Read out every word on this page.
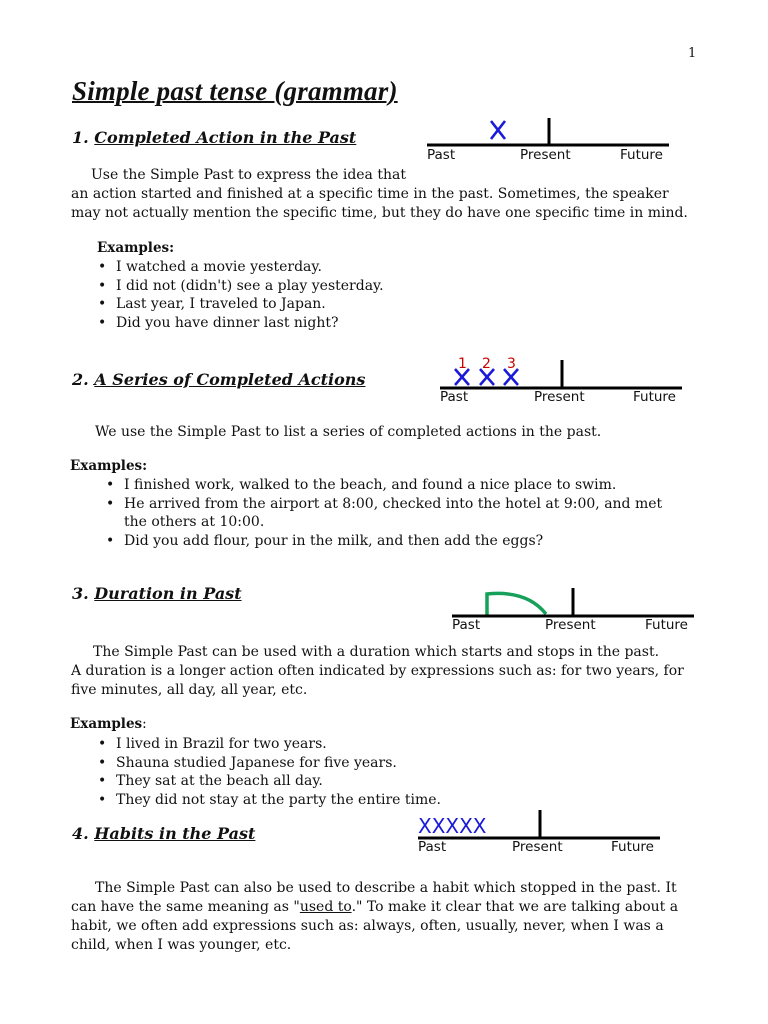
1
Simple past tense (grammar)
1. Completed Action in the Past
Past	Present	Future
Use the Simple Past to express the idea that
an action started and finished at a specific time in the past. Sometimes, the speaker
may not actually mention the specific time, but they do have one specific time in mind.
Examples:
• I watched a movie yesterday.
• I did not (didn't) see a play yesterday.
• Last year, I traveled to Japan.
• Did you have dinner last night?
2. A Series of Completed Actions
1 2 3
Past	Present	Future
We use the Simple Past to list a series of completed actions in the past.
Examples:
• I finished work, walked to the beach, and found a nice place to swim.
• He arrived from the airport at 8:00, checked into the hotel at 9:00, and met
the others at 10:00.
• Did you add flour, pour in the milk, and then add the eggs?
3. Duration in Past
Past	Present	Future
The Simple Past can be used with a duration which starts and stops in the past.
A duration is a longer action often indicated by expressions such as: for two years, for
five minutes, all day, all year, etc.
Examples:
• I lived in Brazil for two years.
• Shauna studied Japanese for five years.
• They sat at the beach all day.
• They did not stay at the party the entire time.
4. Habits in the Past	XXXXX
Past	Present	Future
The Simple Past can also be used to describe a habit which stopped in the past. It
can have the same meaning as "used to." To make it clear that we are talking about a
habit, we often add expressions such as: always, often, usually, never, when I was a
child, when I was younger, etc.
